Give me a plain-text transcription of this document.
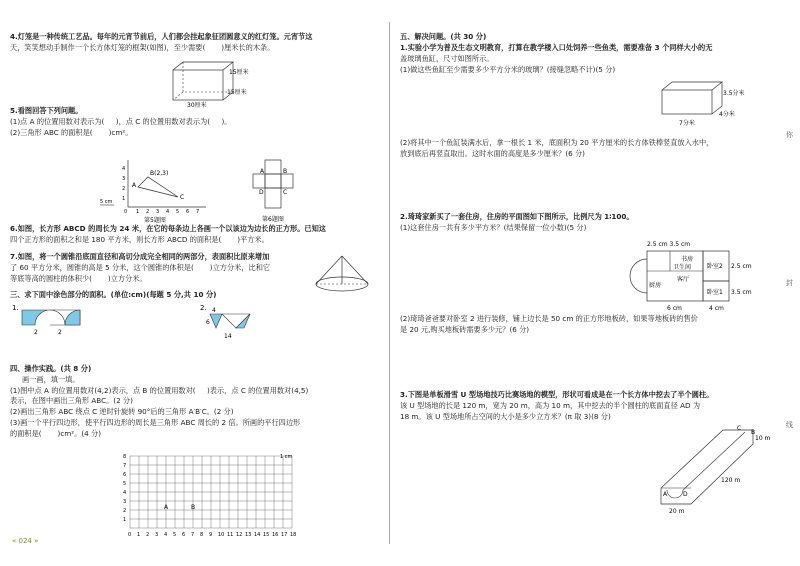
4.灯笼是一种传统工艺品。每年的元宵节前后，人们都会挂起象征团圆意义的红灯笼。元宵节这
天，笑笑想动手制作一个长方体灯笼的框架(如图)，至少需要(       )厘米长的木条。
15厘米
15厘米
30厘米
5.看图回答下列问题。
(1)点 A 的位置用数对表示为(     )，点 C 的位置用数对表示为(     )。
(2)三角形 ABC 的面积是(       )cm²。
1
2
3
4
0 1 2 3 4 5 6 7
B(2,3)
A
C
5 cm
第5题图
A	B
C
D
第6题图
6.如图，长方形 ABCD 的周长为 24 米，在它的每条边上各画一个以该边为边长的正方形。已知这
四个正方形的面积之和是 180 平方米，则长方形 ABCD 的面积是(       )平方米。
7.如图，将一个圆锥沿底面直径和高切分成完全相同的两部分，表面积比原来增加
了 60 平方分米，圆锥的高是 5 分米，这个圆锥的体积是(       )立方分米，比和它
等底等高的圆柱的体积少(       )立方分米。
三、求下面中涂色部分的面积。(单位:cm)(每题 5 分,共 10 分)
1.
2	2
2. 4
6
14
四、操作实践。(共 8 分)
画一画，填一填。
(1)图中点 A 的位置用数对(4,2)表示，点 B 的位置用数对(     )表示，点 C 的位置用数对(4,5)
表示，在图中画出三角形 ABC。(2 分)
(2)画出三角形 ABC 绕点 C 逆时针旋转 90°后的三角形 A′B′C。(2 分)
(3)画一个平行四边形，使平行四边形的周长是三角形 ABC 周长的 2 倍。所画的平行四边形
的面积是(       )cm²。(4 分)
0 1 2 3 4 5 6 7 8 9 10 11 12 13 14 15 16 17 18
1
2
3
4
5
6
7
8
A	B
1 cm
« 024 »
五、解决问题。(共 30 分)
1.实验小学为普及生态文明教育，打算在教学楼入口处饲养一些鱼类，需要准备 3 个同样大小的无
盖玻璃鱼缸，尺寸如图所示。
(1)做这些鱼缸至少需要多少平方分米的玻璃？(接缝忽略不计)(5 分)
3.5分米
4分米
7分米
(2)将其中一个鱼缸装满水后，拿一根长 1 米，底面积为 20 平方厘米的长方体铁棒竖直放入水中，
放到底后再竖直取出。这时水面的高度是多少厘米？(6 分)
2.琦琦家新买了一套住房，住房的平面图如下图所示，比例尺为 1∶100。
(1)这套住房一共有多少平方米？(结果保留一位小数)(5 分)
2.5 cm 3.5 cm
书房
卫生间
客厅
厨房
卧室2
卧室1
2.5 cm
3.5 cm
6 cm	4 cm
(2)琦琦爸爸要对卧室 2 进行装修，铺上边长是 50 cm 的正方形地板砖，如果等地板砖的售价
是 20 元,购买地板砖需要多少元？(6 分)
3.下图是单板滑雪 U 型场地技巧比赛场地的模型，形状可看成是在一个长方体中挖去了半个圆柱。
该 U 型场地的长是 120 m，宽为 20 m，高为 10 m，其中挖去的半个圆柱的底面直径 AD 为
18 m。该 U 型场地所占空间的大小是多少立方米？(π 取 3)(8 分)
C
B
A	D
10 m
120 m
20 m
你
封
线
